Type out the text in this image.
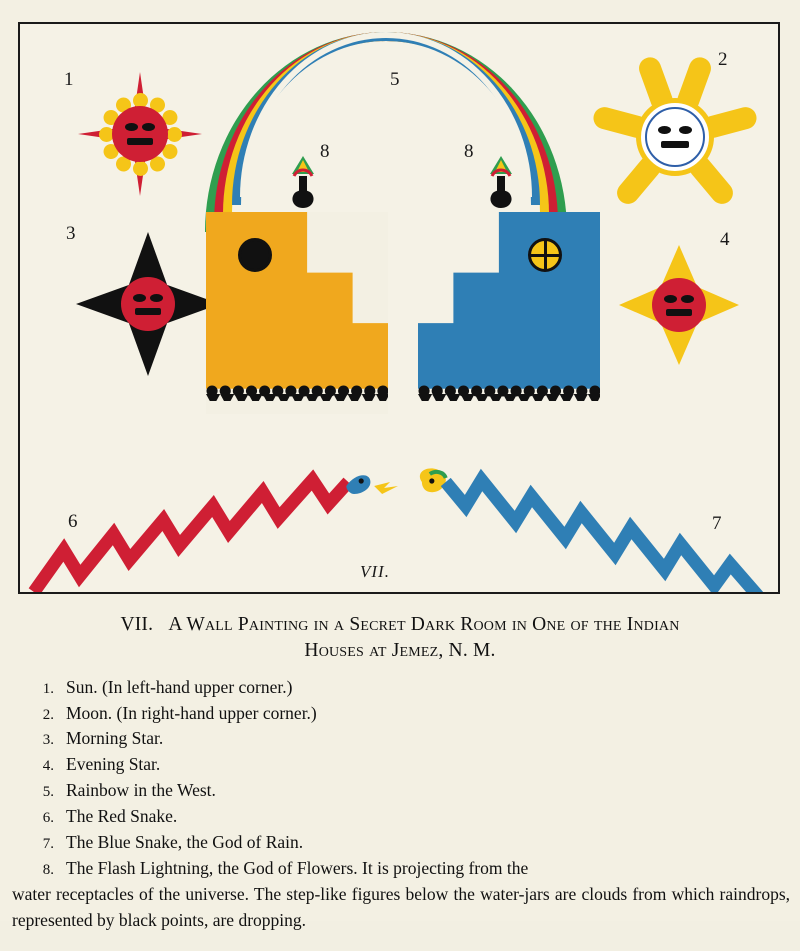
1
2
3	4
5
6	7
8	8
VII.
VII. A Wall Painting in a Secret Dark Room in One of the Indian
Houses at Jemez, N. M.
1. Sun. (In left-hand upper corner.)
2. Moon. (In right-hand upper corner.)
3. Morning Star.
4. Evening Star.
5. Rainbow in the West.
6. The Red Snake.
7. The Blue Snake, the God of Rain.
8. The Flash Lightning, the God of Flowers. It is projecting from the

water receptacles of the universe. The step-like figures below the water-jars are clouds from which raindrops, represented by black points, are dropping.
